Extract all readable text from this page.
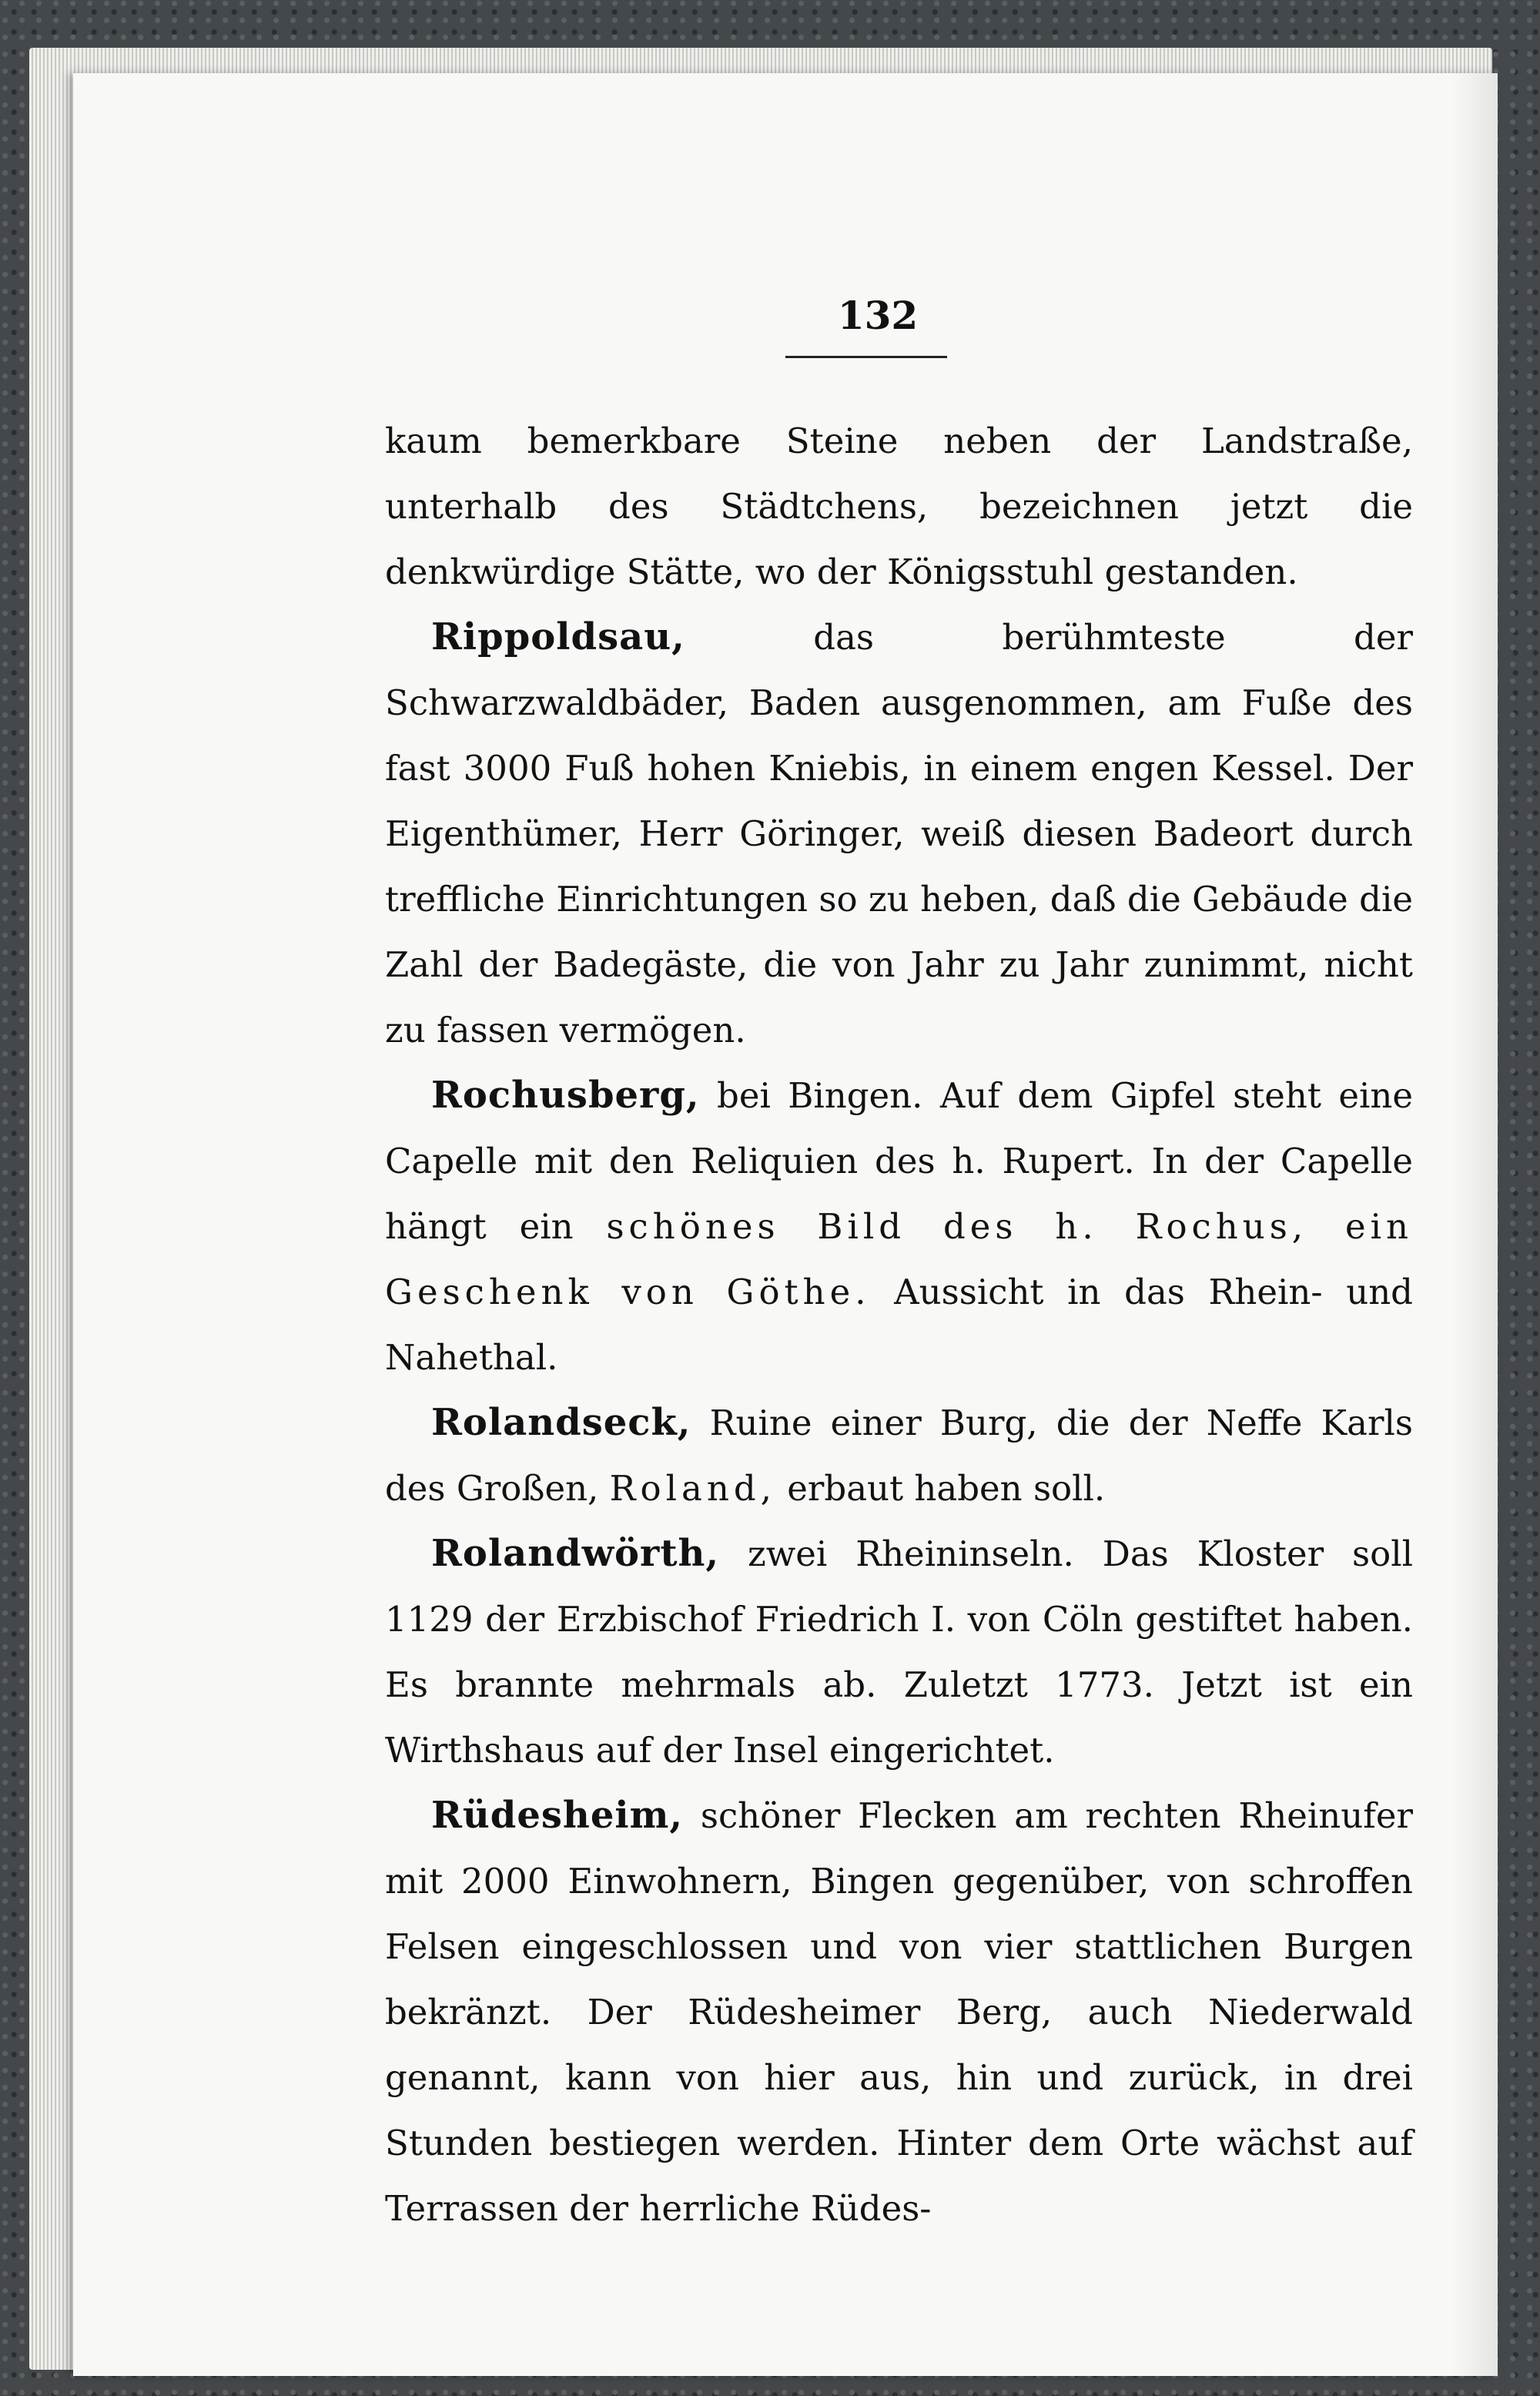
132

kaum bemerkbare Steine neben der Landstraße, unterhalb des Städtchens, bezeichnen jetzt die denkwürdige Stätte, wo der Königsstuhl gestanden.

Rippoldsau, das berühmteste der Schwarzwaldbäder, Baden ausgenommen, am Fuße des fast 3000 Fuß hohen Kniebis, in einem engen Kessel. Der Eigenthümer, Herr Göringer, weiß diesen Badeort durch treffliche Einrichtungen so zu heben, daß die Gebäude die Zahl der Badegäste, die von Jahr zu Jahr zunimmt, nicht zu fassen vermögen.

Rochusberg, bei Bingen. Auf dem Gipfel steht eine Capelle mit den Reliquien des h. Rupert. In der Capelle hängt ein schönes Bild des h. Rochus, ein Geschenk von Göthe. Aussicht in das Rhein- und Nahethal.

Rolandseck, Ruine einer Burg, die der Neffe Karls des Großen, Roland, erbaut haben soll.

Rolandwörth, zwei Rheininseln. Das Kloster soll 1129 der Erzbischof Friedrich I. von Cöln gestiftet haben. Es brannte mehrmals ab. Zuletzt 1773. Jetzt ist ein Wirthshaus auf der Insel eingerichtet.

Rüdesheim, schöner Flecken am rechten Rheinufer mit 2000 Einwohnern, Bingen gegenüber, von schroffen Felsen eingeschlossen und von vier stattlichen Burgen bekränzt. Der Rüdesheimer Berg, auch Niederwald genannt, kann von hier aus, hin und zurück, in drei Stunden bestiegen werden. Hinter dem Orte wächst auf Terrassen der herrliche Rüdes-
